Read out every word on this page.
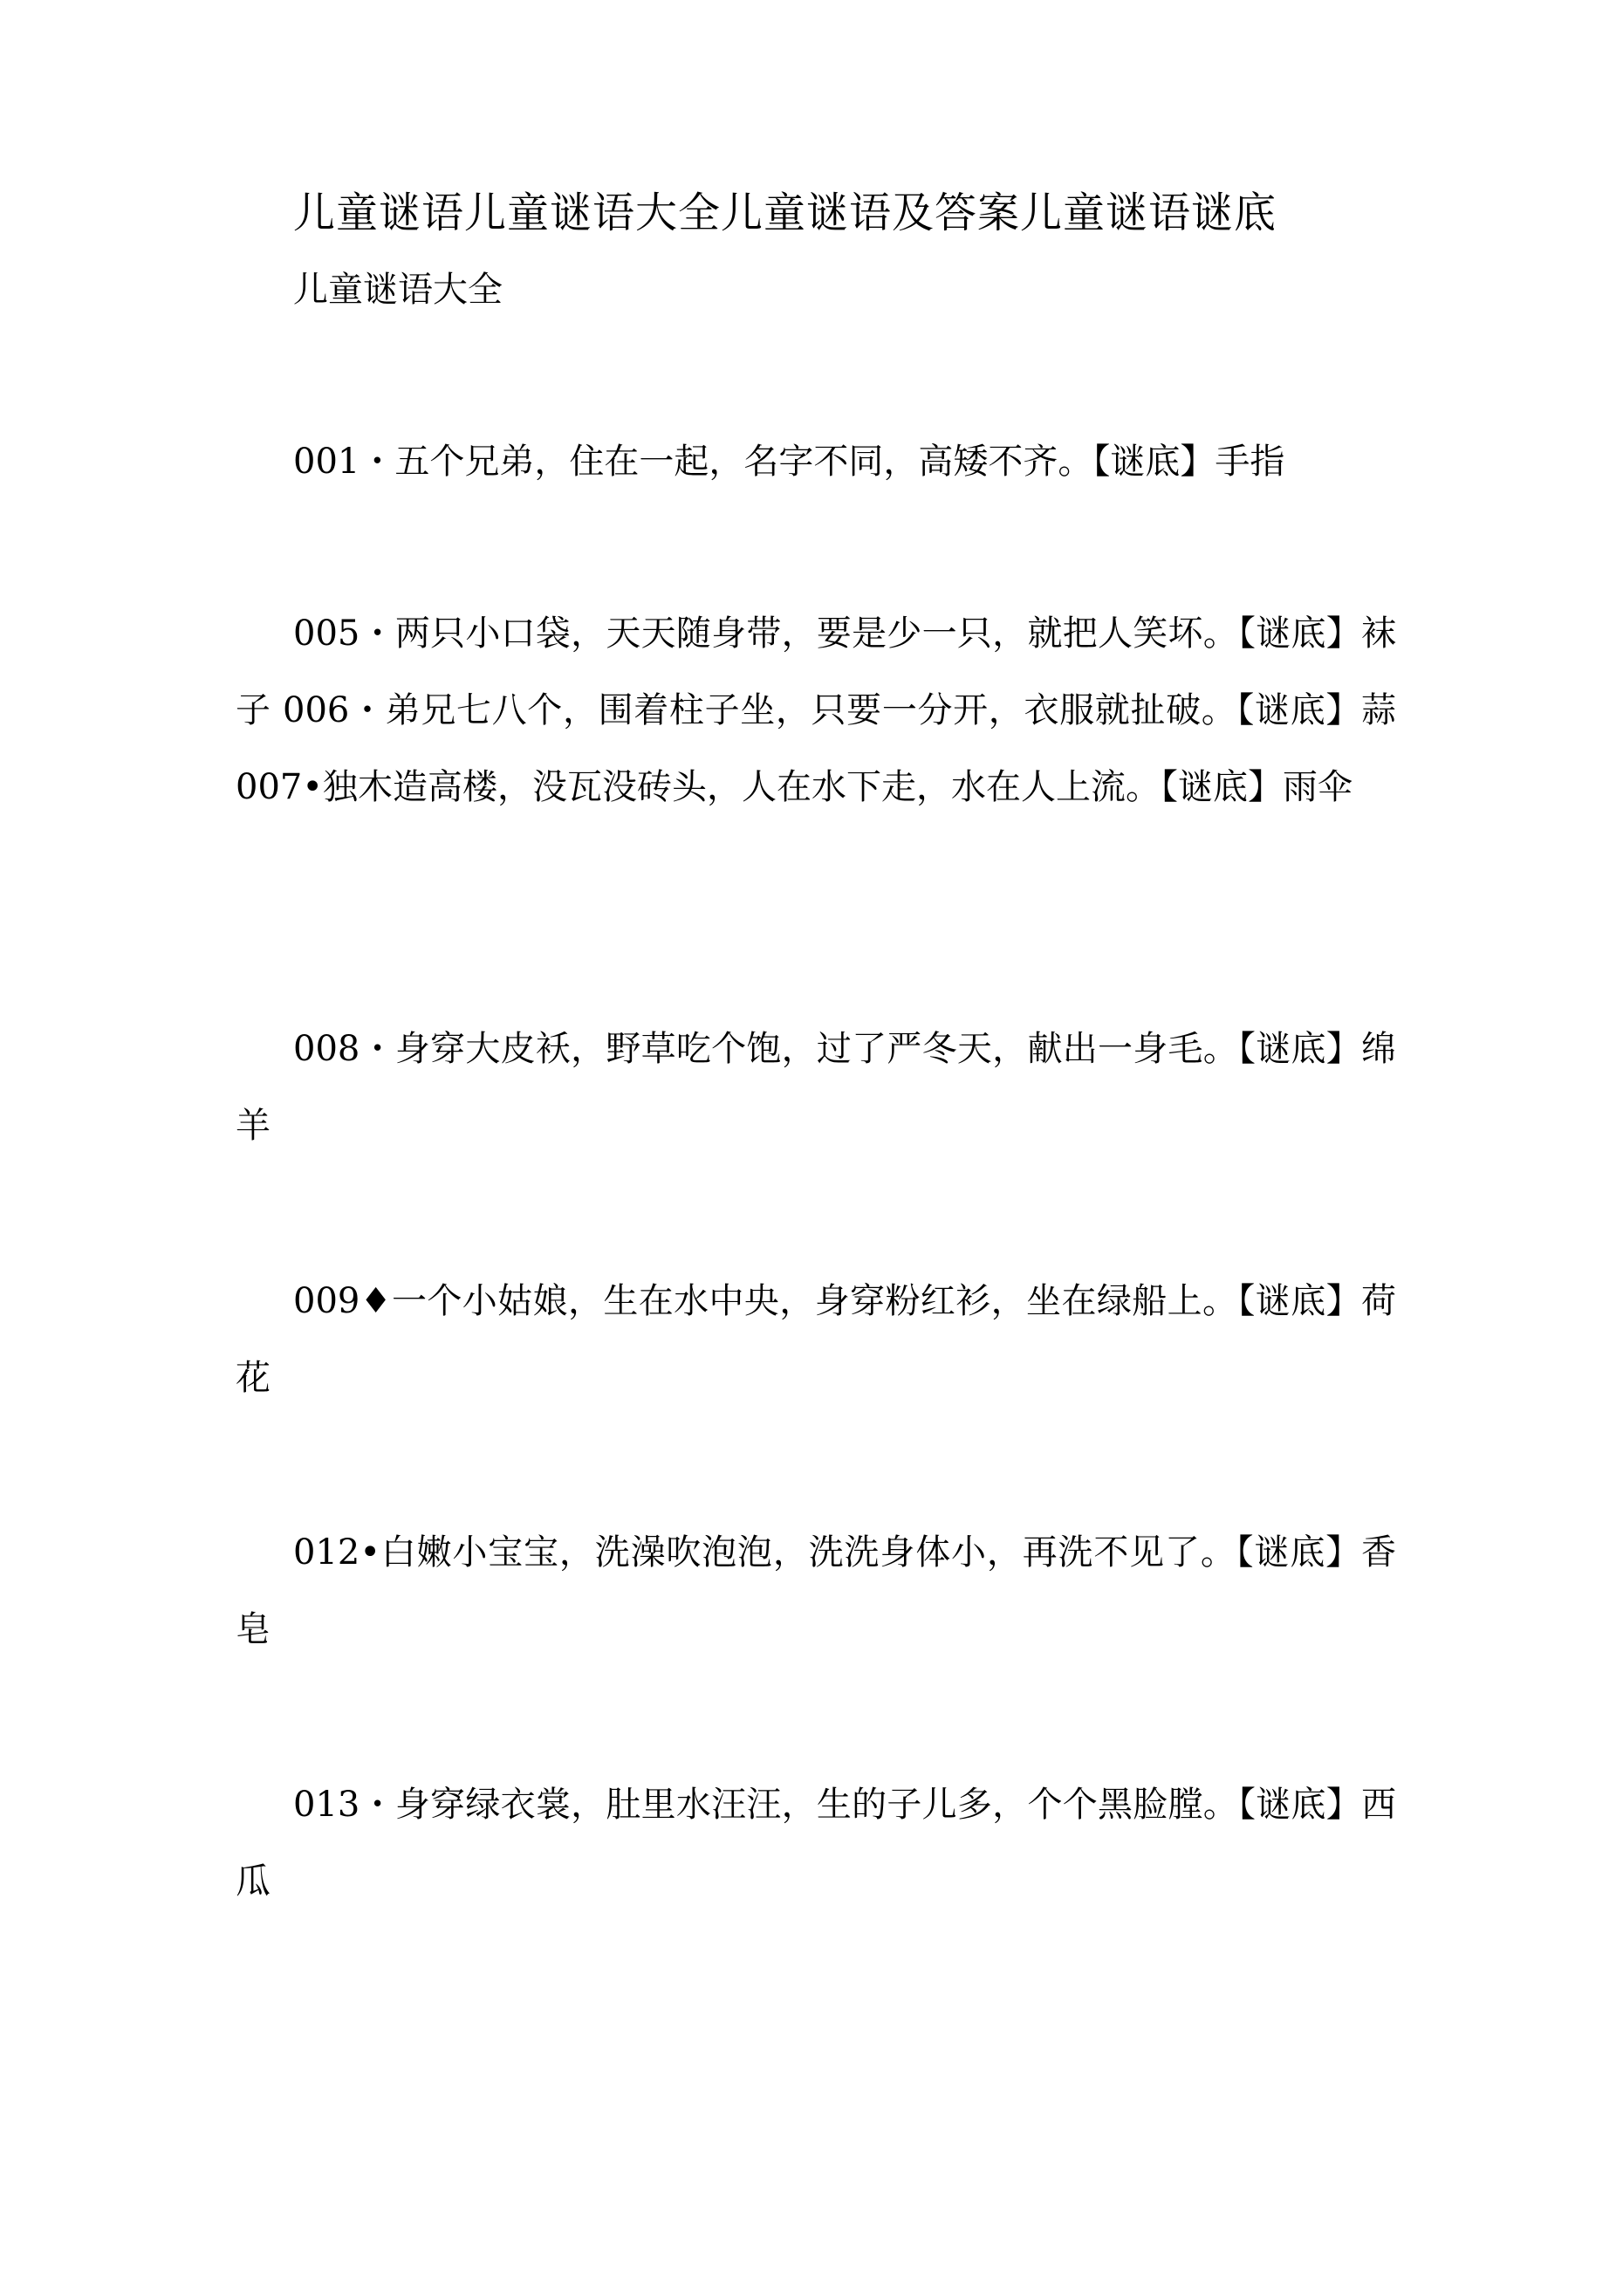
儿童谜语儿童谜语大全儿童谜语及答案儿童谜语谜底
儿童谜语大全

001・五个兄弟，住在一起，名字不同，高矮不齐。【谜底】手指

005・两只小口袋，天天随身带，要是少一只，就把人笑坏。【谜底】袜子 006・弟兄七八个，围着柱子坐，只要一分开，衣服就扯破。【谜底】蒜 007•独木造高楼，没瓦没砖头，人在水下走，水在人上流。【谜底】雨伞

008・身穿大皮袄，野草吃个饱，过了严冬天，献出一身毛。【谜底】绵羊

009♦一个小姑娘，生在水中央，身穿粉红衫，坐在绿船上。【谜底】荷花

012•白嫩小宝宝，洗澡吹泡泡，洗洗身体小，再洗不见了。【谜底】香皂

013・身穿绿衣裳，肚里水汪汪，生的子儿多，个个黑脸膛。【谜底】西瓜
